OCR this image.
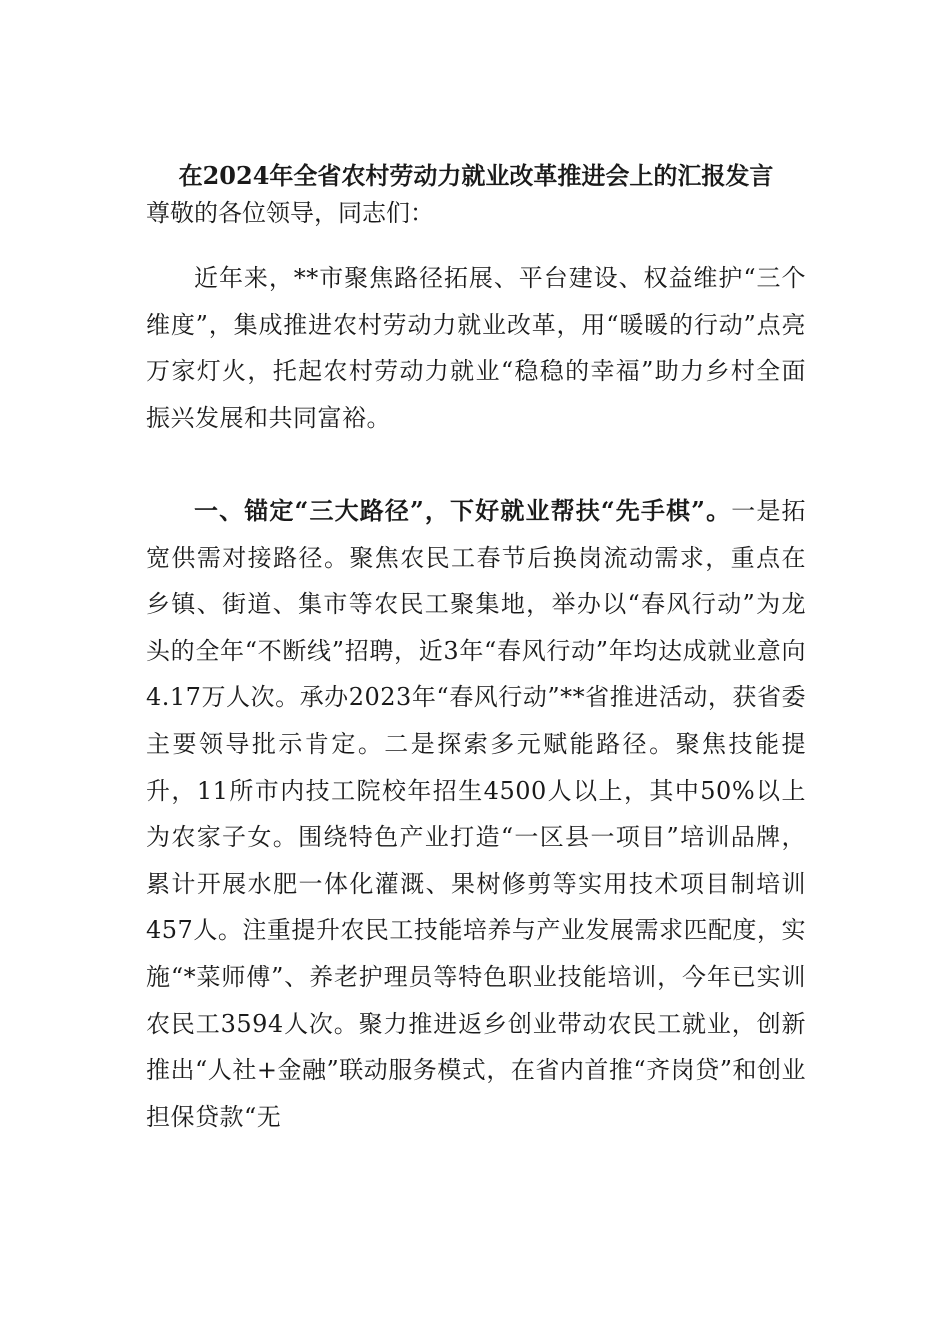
在2024年全省农村劳动力就业改革推进会上的汇报发言
尊敬的各位领导，同志们：

近年来，**市聚焦路径拓展、平台建设、权益维护“三个维度”，集成推进农村劳动力就业改革，用“暖暖的行动”点亮万家灯火，托起农村劳动力就业“稳稳的幸福”助力乡村全面振兴发展和共同富裕。

一、锚定“三大路径”，下好就业帮扶“先手棋”。一是拓宽供需对接路径。聚焦农民工春节后换岗流动需求，重点在乡镇、街道、集市等农民工聚集地，举办以“春风行动”为龙头的全年“不断线”招聘，近3年“春风行动”年均达成就业意向4.17万人次。承办2023年“春风行动”**省推进活动，获省委主要领导批示肯定。二是探索多元赋能路径。聚焦技能提升，11所市内技工院校年招生4500人以上，其中50%以上为农家子女。围绕特色产业打造“一区县一项目”培训品牌，累计开展水肥一体化灌溉、果树修剪等实用技术项目制培训457人。注重提升农民工技能培养与产业发展需求匹配度，实施“*菜师傅”、养老护理员等特色职业技能培训，今年已实训农民工3594人次。聚力推进返乡创业带动农民工就业，创新推出“人社+金融”联动服务模式，在省内首推“齐岗贷”和创业担保贷款“无
